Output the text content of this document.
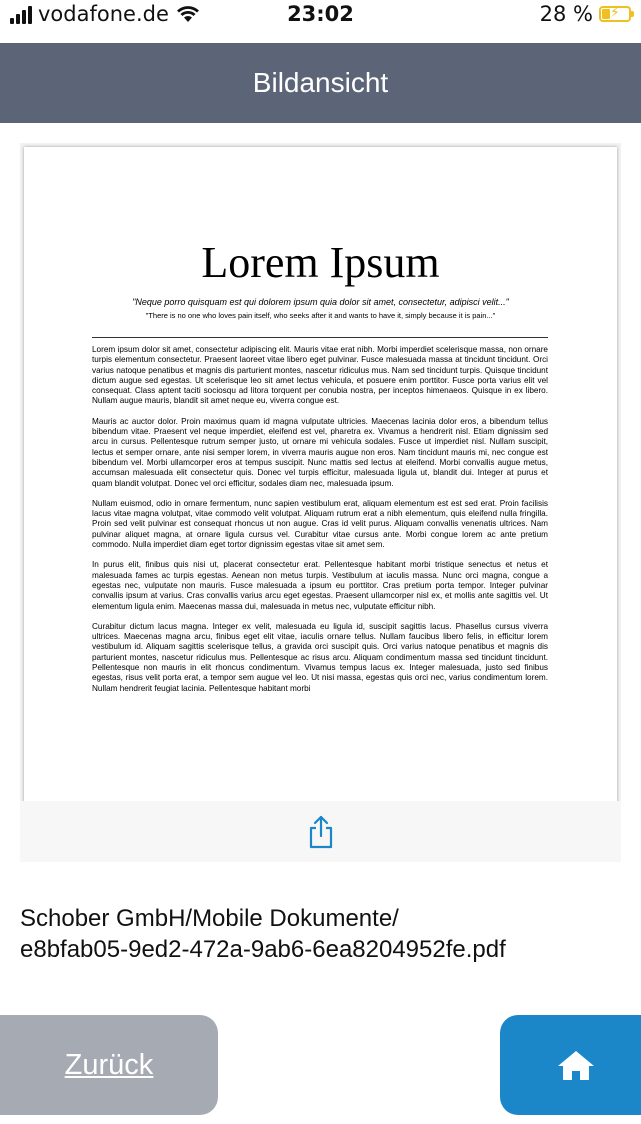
vodafone.de	23:02	28 % ⚡
Bildansicht
Lorem Ipsum
"Neque porro quisquam est qui dolorem ipsum quia dolor sit amet, consectetur, adipisci velit..."
"There is no one who loves pain itself, who seeks after it and wants to have it, simply because it is pain..."

Lorem ipsum dolor sit amet, consectetur adipiscing elit. Mauris vitae erat nibh. Morbi imperdiet scelerisque massa, non ornare turpis elementum consectetur. Praesent laoreet vitae libero eget pulvinar. Fusce malesuada massa at tincidunt tincidunt. Orci varius natoque penatibus et magnis dis parturient montes, nascetur ridiculus mus. Nam sed tincidunt turpis. Quisque tincidunt dictum augue sed egestas. Ut scelerisque leo sit amet lectus vehicula, et posuere enim porttitor. Fusce porta varius elit vel consequat. Class aptent taciti sociosqu ad litora torquent per conubia nostra, per inceptos himenaeos. Quisque in ex libero. Nullam augue mauris, blandit sit amet neque eu, viverra congue est.

Mauris ac auctor dolor. Proin maximus quam id magna vulputate ultricies. Maecenas lacinia dolor eros, a bibendum tellus bibendum vitae. Praesent vel neque imperdiet, eleifend est vel, pharetra ex. Vivamus a hendrerit nisl. Etiam dignissim sed arcu in cursus. Pellentesque rutrum semper justo, ut ornare mi vehicula sodales. Fusce ut imperdiet nisl. Nullam suscipit, lectus et semper ornare, ante nisi semper lorem, in viverra mauris augue non eros. Nam tincidunt mauris mi, nec congue est bibendum vel. Morbi ullamcorper eros at tempus suscipit. Nunc mattis sed lectus at eleifend. Morbi convallis augue metus, accumsan malesuada elit consectetur quis. Donec vel turpis efficitur, malesuada ligula ut, blandit dui. Integer at purus et quam blandit volutpat. Donec vel orci efficitur, sodales diam nec, malesuada ipsum.

Nullam euismod, odio in ornare fermentum, nunc sapien vestibulum erat, aliquam elementum est est sed erat. Proin facilisis lacus vitae magna volutpat, vitae commodo velit volutpat. Aliquam rutrum erat a nibh elementum, quis eleifend nulla fringilla. Proin sed velit pulvinar est consequat rhoncus ut non augue. Cras id velit purus. Aliquam convallis venenatis ultrices. Nam pulvinar aliquet magna, at ornare ligula cursus vel. Curabitur vitae cursus ante. Morbi congue lorem ac ante pretium commodo. Nulla imperdiet diam eget tortor dignissim egestas vitae sit amet sem.

In purus elit, finibus quis nisi ut, placerat consectetur erat. Pellentesque habitant morbi tristique senectus et netus et malesuada fames ac turpis egestas. Aenean non metus turpis. Vestibulum at iaculis massa. Nunc orci magna, congue a egestas nec, vulputate non mauris. Fusce malesuada a ipsum eu porttitor. Cras pretium porta tempor. Integer pulvinar convallis ipsum at varius. Cras convallis varius arcu eget egestas. Praesent ullamcorper nisl ex, et mollis ante sagittis vel. Ut elementum ligula enim. Maecenas massa dui, malesuada in metus nec, vulputate efficitur nibh.

Curabitur dictum lacus magna. Integer ex velit, malesuada eu ligula id, suscipit sagittis lacus. Phasellus cursus viverra ultrices. Maecenas magna arcu, finibus eget elit vitae, iaculis ornare tellus. Nullam faucibus libero felis, in efficitur lorem vestibulum id. Aliquam sagittis scelerisque tellus, a gravida orci suscipit quis. Orci varius natoque penatibus et magnis dis parturient montes, nascetur ridiculus mus. Pellentesque ac risus arcu. Aliquam condimentum massa sed tincidunt tincidunt. Pellentesque non mauris in elit rhoncus condimentum. Vivamus tempus lacus ex. Integer malesuada, justo sed finibus egestas, risus velit porta erat, a tempor sem augue vel leo. Ut nisi massa, egestas quis orci nec, varius condimentum lorem. Nullam hendrerit feugiat lacinia. Pellentesque habitant morbi

Schober GmbH/Mobile Dokumente/
e8bfab05-9ed2-472a-9ab6-6ea8204952fe.pdf
Zurück
